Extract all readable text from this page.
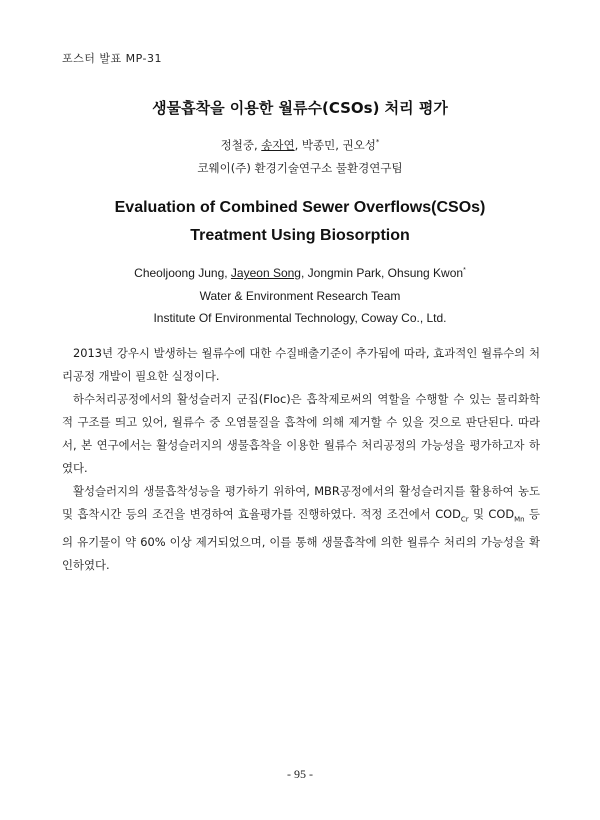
포스터 발표 MP-31
생물흡착을 이용한 월류수(CSOs) 처리 평가
정철중, 송자연, 박종민, 권오성*
코웨이(주) 환경기술연구소 물환경연구팀
Evaluation of Combined Sewer Overflows(CSOs)
Treatment Using Biosorption
Cheoljoong Jung, Jayeon Song, Jongmin Park, Ohsung Kwon*
Water & Environment Research Team
Institute Of Environmental Technology, Coway Co., Ltd.

2013년 강우시 발생하는 월류수에 대한 수질배출기준이 추가됨에 따라, 효과적인 월류수의 처리공정 개발이 필요한 실정이다.

하수처리공정에서의 활성슬러지 군집(Floc)은 흡착제로써의 역할을 수행할 수 있는 물리화학적 구조를 띄고 있어, 월류수 중 오염물질을 흡착에 의해 제거할 수 있을 것으로 판단된다. 따라서, 본 연구에서는 활성슬러지의 생물흡착을 이용한 월류수 처리공정의 가능성을 평가하고자 하였다.

활성슬러지의 생물흡착성능을 평가하기 위하여, MBR공정에서의 활성슬러지를 활용하여 농도 및 흡착시간 등의 조건을 변경하여 효율평가를 진행하였다. 적정 조건에서 $COD_{Cr}$ 및 $COD_{Mn}$ 등의 유기물이 약 60% 이상 제거되었으며, 이를 통해 생물흡착에 의한 월류수 처리의 가능성을 확인하였다.

- 95 -
